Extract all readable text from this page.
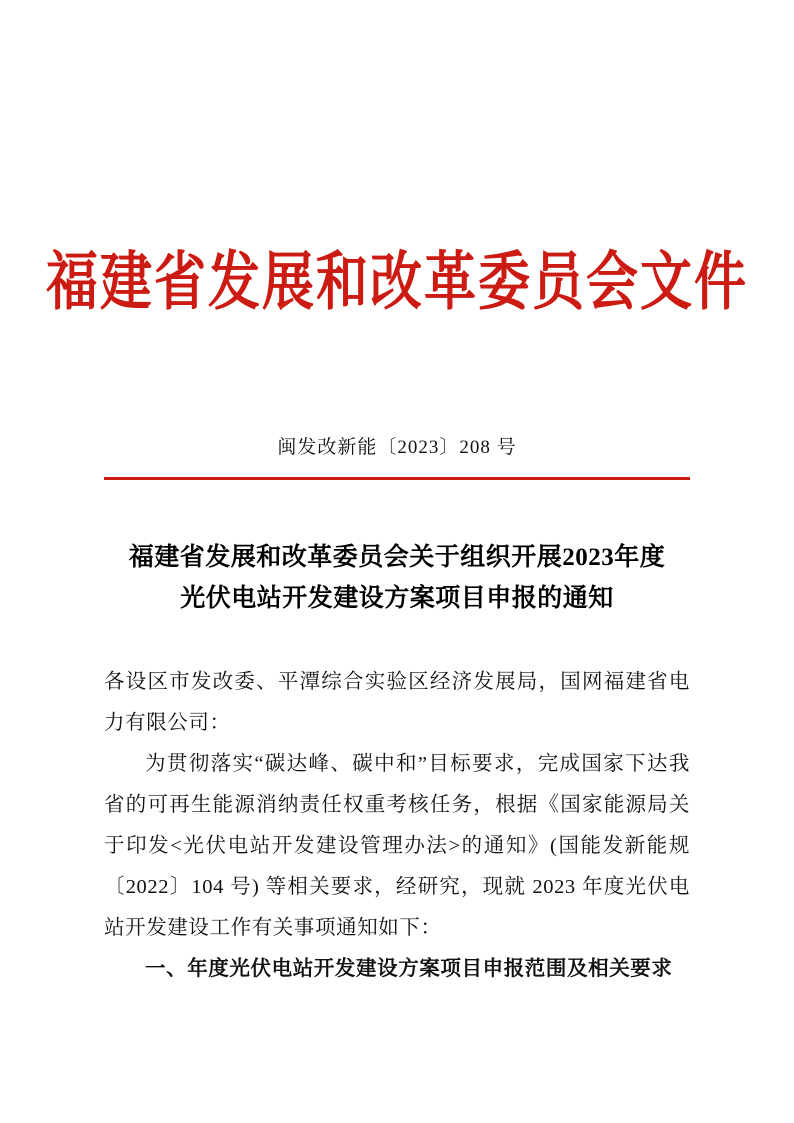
福建省发展和改革委员会文件
闽发改新能〔2023〕208 号
福建省发展和改革委员会关于组织开展2023年度
光伏电站开发建设方案项目申报的通知

各设区市发改委、平潭综合实验区经济发展局，国网福建省电力有限公司：

为贯彻落实“碳达峰、碳中和”目标要求，完成国家下达我省的可再生能源消纳责任权重考核任务，根据《国家能源局关于印发<光伏电站开发建设管理办法>的通知》(国能发新能规〔2022〕104 号) 等相关要求，经研究，现就 2023 年度光伏电站开发建设工作有关事项通知如下：

一、年度光伏电站开发建设方案项目申报范围及相关要求
